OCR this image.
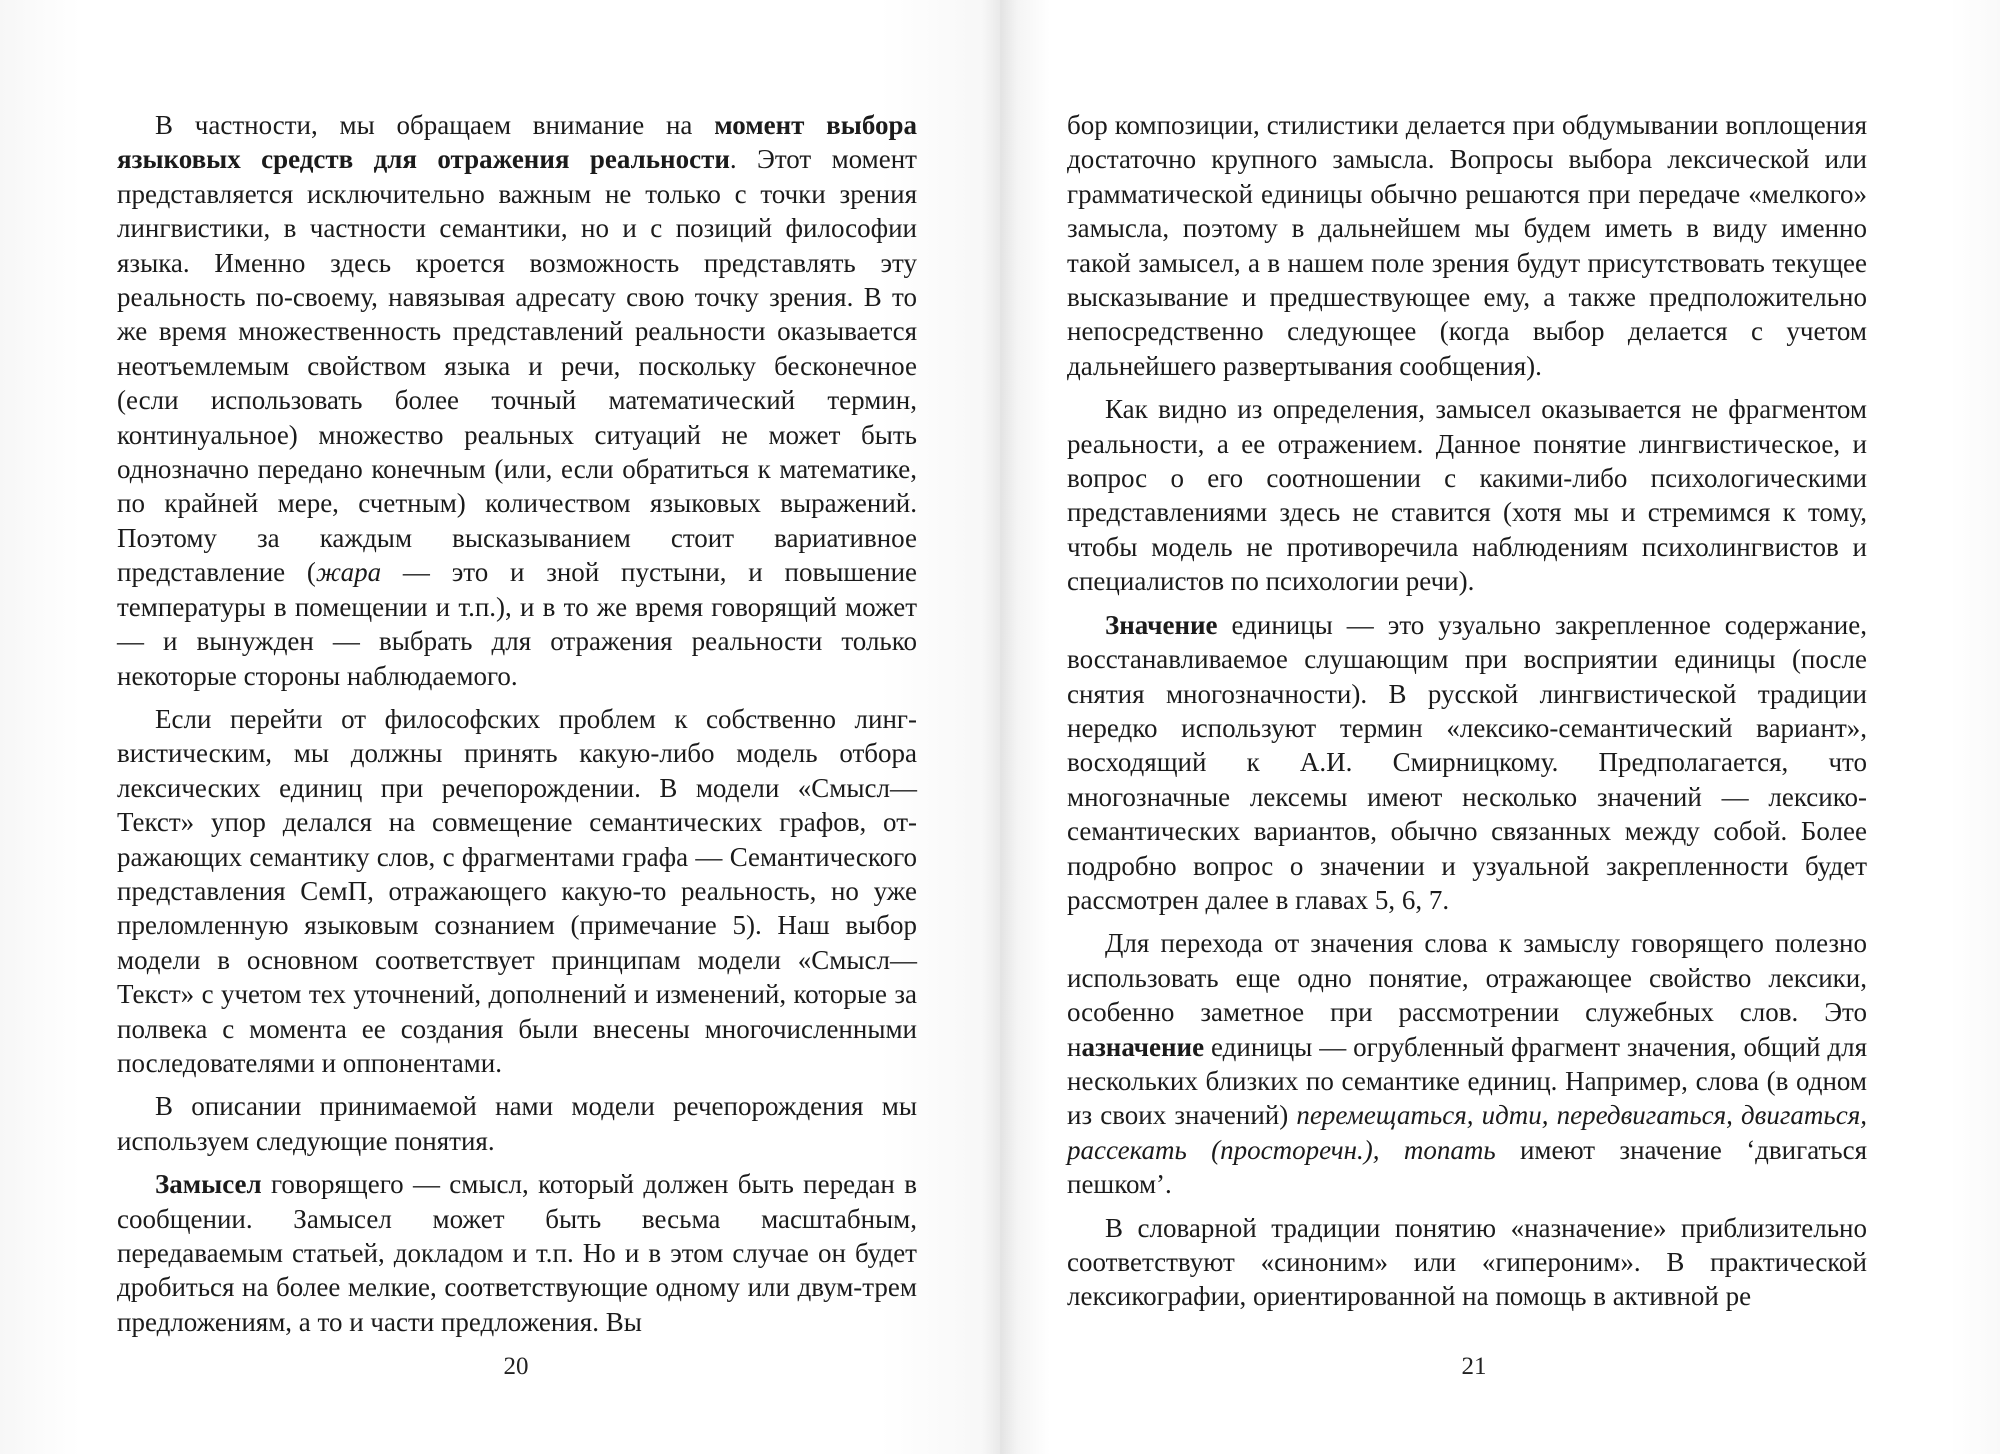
В частности, мы обращаем внимание на момент выбора языковых средств для отражения реальности. Этот момент представляется исключительно важным не только с точки зрения лингвистики, в частности семантики, но и с позиций философии языка. Именно здесь кроется возможность представлять эту реальность по-своему, навязывая адресату свою точку зрения. В то же время множественность представлений реальности оказывается неотъемлемым свойством языка и речи, поскольку бесконечное (если использовать более точный математический термин, континуальное) множество реальных ситуаций не может быть однозначно передано конечным (или, если обратиться к математике, по крайней мере, счетным) количеством языковых выражений. Поэтому за каждым высказыванием стоит вариативное представление (жара — это и зной пустыни, и повышение температуры в помещении и т.п.), и в то же время говорящий может — и вынужден — выбрать для отражения реальности только некоторые стороны наблюдаемого.

Если перейти от философских проблем к собственно лингвистическим, мы должны принять какую-либо модель отбора лексических единиц при речепорождении. В модели «Смысл—Текст» упор делался на совмещение семантических графов, отражающих семантику слов, с фрагментами графа — Семантического представления СемП, отражающего какую-то реальность, но уже преломленную языковым сознанием (примечание 5). Наш выбор модели в основном соответствует принципам модели «Смысл—Текст» с учетом тех уточнений, дополнений и изменений, которые за полвека с момента ее создания были внесены многочисленными последователями и оппонентами.

В описании принимаемой нами модели речепорождения мы используем следующие понятия.

Замысел говорящего — смысл, который должен быть передан в сообщении. Замысел может быть весьма масштабным, передаваемым статьей, докладом и т.п. Но и в этом случае он будет дробиться на более мелкие, соответствующие одному или двум-трем предложениям, а то и части предложения. Вы

20

бор композиции, стилистики делается при обдумывании воплощения достаточно крупного замысла. Вопросы выбора лексической или грамматической единицы обычно решаются при передаче «мелкого» замысла, поэтому в дальнейшем мы будем иметь в виду именно такой замысел, а в нашем поле зрения будут присутствовать текущее высказывание и предшествующее ему, а также предположительно непосредственно следующее (когда выбор делается с учетом дальнейшего развертывания сообщения).

Как видно из определения, замысел оказывается не фрагментом реальности, а ее отражением. Данное понятие лингвистическое, и вопрос о его соотношении с какими-либо психологическими представлениями здесь не ставится (хотя мы и стремимся к тому, чтобы модель не противоречила наблюдениям психолингвистов и специалистов по психологии речи).

Значение единицы — это узуально закрепленное содержание, восстанавливаемое слушающим при восприятии единицы (после снятия многозначности). В русской лингвистической традиции нередко используют термин «лексико-семантический вариант», восходящий к А.И. Смирницкому. Предполагается, что многозначные лексемы имеют несколько значений — лексикосемантических вариантов, обычно связанных между собой. Более подробно вопрос о значении и узуальной закрепленности будет рассмотрен далее в главах 5, 6, 7.

Для перехода от значения слова к замыслу говорящего полезно использовать еще одно понятие, отражающее свойство лексики, особенно заметное при рассмотрении служебных слов. Это назначение единицы — огрубленный фрагмент значения, общий для нескольких близких по семантике единиц. Например, слова (в одном из своих значений) перемещаться, идти, передвигаться, двигаться, рассекать (просторечн.), топать имеют значение ‘двигаться пешком’.

В словарной традиции понятию «назначение» приблизительно соответствуют «синоним» или «гипероним». В практической лексикографии, ориентированной на помощь в активной ре

21
